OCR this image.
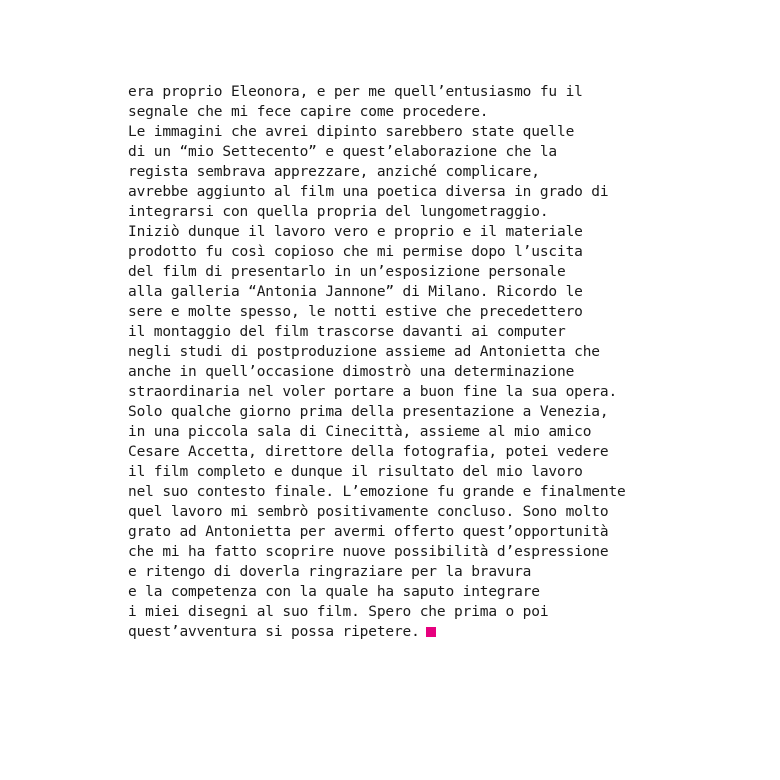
era proprio Eleonora, e per me quell’entusiasmo fu il
segnale che mi fece capire come procedere.
Le immagini che avrei dipinto sarebbero state quelle
di un “mio Settecento” e quest’elaborazione che la
regista sembrava apprezzare, anziché complicare,
avrebbe aggiunto al film una poetica diversa in grado di
integrarsi con quella propria del lungometraggio.
Iniziò dunque il lavoro vero e proprio e il materiale
prodotto fu così copioso che mi permise dopo l’uscita
del film di presentarlo in un’esposizione personale
alla galleria “Antonia Jannone” di Milano. Ricordo le
sere e molte spesso, le notti estive che precedettero
il montaggio del film trascorse davanti ai computer
negli studi di postproduzione assieme ad Antonietta che
anche in quell’occasione dimostrò una determinazione
straordinaria nel voler portare a buon fine la sua opera.
Solo qualche giorno prima della presentazione a Venezia,
in una piccola sala di Cinecittà, assieme al mio amico
Cesare Accetta, direttore della fotografia, potei vedere
il film completo e dunque il risultato del mio lavoro
nel suo contesto finale. L’emozione fu grande e finalmente
quel lavoro mi sembrò positivamente concluso. Sono molto
grato ad Antonietta per avermi offerto quest’opportunità
che mi ha fatto scoprire nuove possibilità d’espressione
e ritengo di doverla ringraziare per la bravura
e la competenza con la quale ha saputo integrare
i miei disegni al suo film. Spero che prima o poi
quest’avventura si possa ripetere.
